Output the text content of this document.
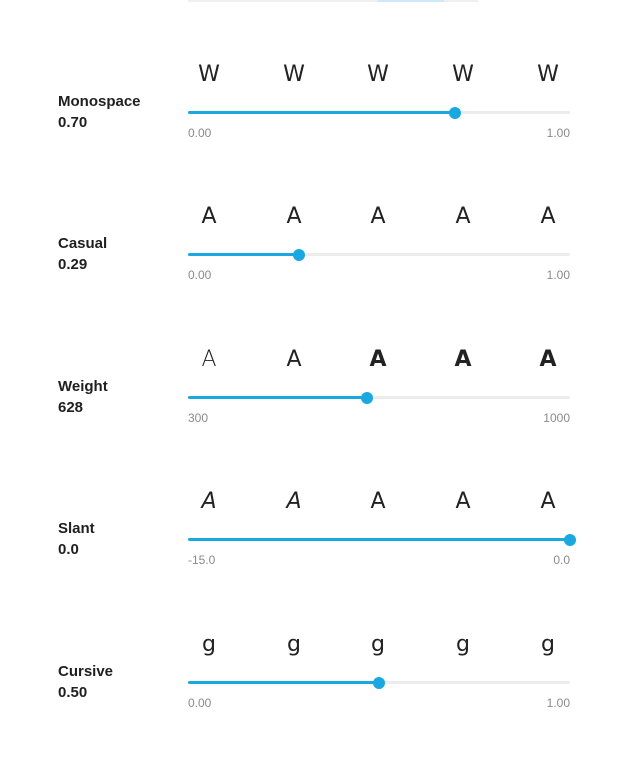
W	W	W	W	W
Monospace
0.70
0.00	1.00
A	A	A	A	A
Casual
0.29
0.00	1.00
A	A	A	A	A
Weight
628
300	1000
A	A	A	A	A
Slant
0.0
-15.0	0.0
g	g	g	g	g
Cursive
0.50
0.00	1.00
